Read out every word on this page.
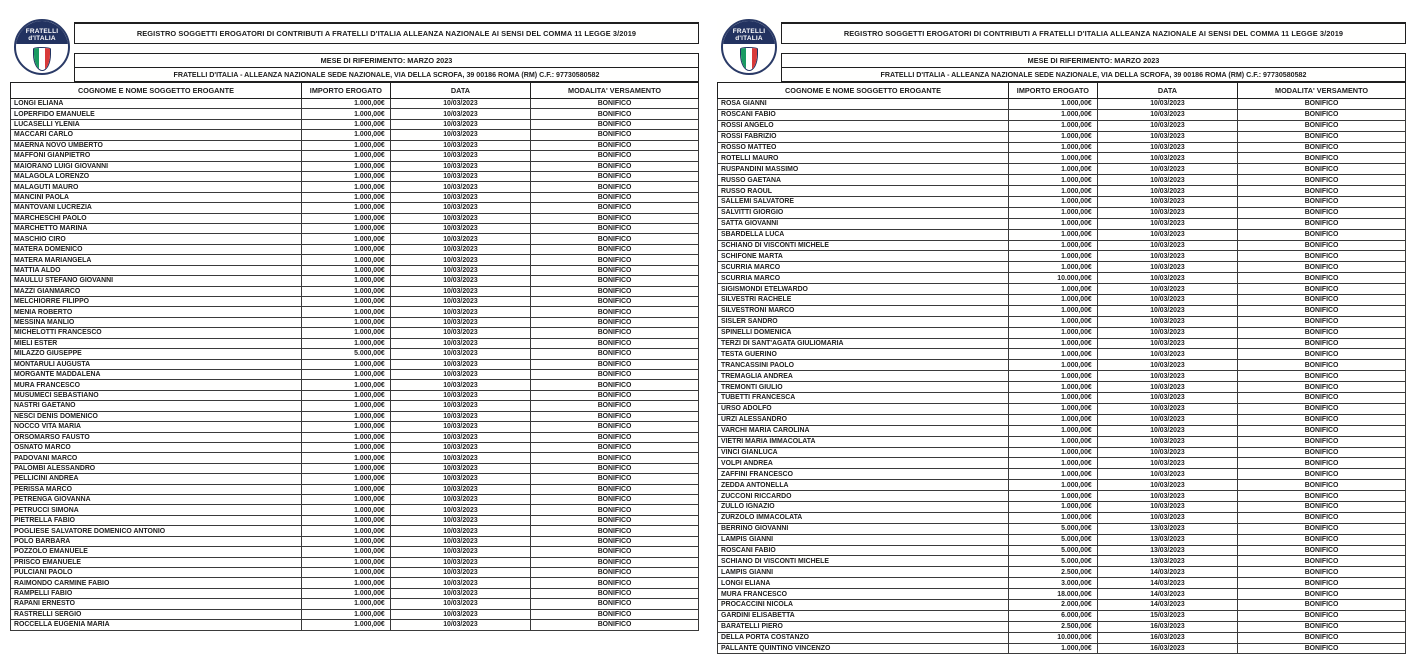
FRATELLI
d'ITALIA
REGISTRO SOGGETTI EROGATORI DI CONTRIBUTI A FRATELLI D'ITALIA ALLEANZA NAZIONALE AI SENSI DEL COMMA 11 LEGGE 3/2019
MESE DI RIFERIMENTO: MARZO 2023
FRATELLI D'ITALIA - ALLEANZA NAZIONALE SEDE NAZIONALE, VIA DELLA SCROFA, 39 00186 ROMA (RM) C.F.: 97730580582
COGNOME E NOME SOGGETTO EROGANTE	IMPORTO EROGATO	DATA	MODALITA' VERSAMENTO
LONGI ELIANA	1.000,00€	10/03/2023	BONIFICO
LOPERFIDO EMANUELE	1.000,00€	10/03/2023	BONIFICO
LUCASELLI YLENIA	1.000,00€	10/03/2023	BONIFICO
MACCARI CARLO	1.000,00€	10/03/2023	BONIFICO
MAERNA NOVO UMBERTO	1.000,00€	10/03/2023	BONIFICO
MAFFONI GIANPIETRO	1.000,00€	10/03/2023	BONIFICO
MAIORANO LUIGI GIOVANNI	1.000,00€	10/03/2023	BONIFICO
MALAGOLA LORENZO	1.000,00€	10/03/2023	BONIFICO
MALAGUTI MAURO	1.000,00€	10/03/2023	BONIFICO
MANCINI PAOLA	1.000,00€	10/03/2023	BONIFICO
MANTOVANI LUCREZIA	1.000,00€	10/03/2023	BONIFICO
MARCHESCHI PAOLO	1.000,00€	10/03/2023	BONIFICO
MARCHETTO MARINA	1.000,00€	10/03/2023	BONIFICO
MASCHIO CIRO	1.000,00€	10/03/2023	BONIFICO
MATERA DOMENICO	1.000,00€	10/03/2023	BONIFICO
MATERA MARIANGELA	1.000,00€	10/03/2023	BONIFICO
MATTIA ALDO	1.000,00€	10/03/2023	BONIFICO
MAULLU STEFANO GIOVANNI	1.000,00€	10/03/2023	BONIFICO
MAZZI GIANMARCO	1.000,00€	10/03/2023	BONIFICO
MELCHIORRE FILIPPO	1.000,00€	10/03/2023	BONIFICO
MENIA ROBERTO	1.000,00€	10/03/2023	BONIFICO
MESSINA MANLIO	1.000,00€	10/03/2023	BONIFICO
MICHELOTTI FRANCESCO	1.000,00€	10/03/2023	BONIFICO
MIELI ESTER	1.000,00€	10/03/2023	BONIFICO
MILAZZO GIUSEPPE	5.000,00€	10/03/2023	BONIFICO
MONTARULI AUGUSTA	1.000,00€	10/03/2023	BONIFICO
MORGANTE MADDALENA	1.000,00€	10/03/2023	BONIFICO
MURA FRANCESCO	1.000,00€	10/03/2023	BONIFICO
MUSUMECI SEBASTIANO	1.000,00€	10/03/2023	BONIFICO
NASTRI GAETANO	1.000,00€	10/03/2023	BONIFICO
NESCI DENIS DOMENICO	1.000,00€	10/03/2023	BONIFICO
NOCCO VITA MARIA	1.000,00€	10/03/2023	BONIFICO
ORSOMARSO FAUSTO	1.000,00€	10/03/2023	BONIFICO
OSNATO MARCO	1.000,00€	10/03/2023	BONIFICO
PADOVANI MARCO	1.000,00€	10/03/2023	BONIFICO
PALOMBI ALESSANDRO	1.000,00€	10/03/2023	BONIFICO
PELLICINI ANDREA	1.000,00€	10/03/2023	BONIFICO
PERISSA MARCO	1.000,00€	10/03/2023	BONIFICO
PETRENGA GIOVANNA	1.000,00€	10/03/2023	BONIFICO
PETRUCCI SIMONA	1.000,00€	10/03/2023	BONIFICO
PIETRELLA FABIO	1.000,00€	10/03/2023	BONIFICO
POGLIESE SALVATORE DOMENICO ANTONIO	1.000,00€	10/03/2023	BONIFICO
POLO BARBARA	1.000,00€	10/03/2023	BONIFICO
POZZOLO EMANUELE	1.000,00€	10/03/2023	BONIFICO
PRISCO EMANUELE	1.000,00€	10/03/2023	BONIFICO
PULCIANI PAOLO	1.000,00€	10/03/2023	BONIFICO
RAIMONDO CARMINE FABIO	1.000,00€	10/03/2023	BONIFICO
RAMPELLI FABIO	1.000,00€	10/03/2023	BONIFICO
RAPANI ERNESTO	1.000,00€	10/03/2023	BONIFICO
RASTRELLI SERGIO	1.000,00€	10/03/2023	BONIFICO
ROCCELLA EUGENIA MARIA	1.000,00€	10/03/2023	BONIFICO
FRATELLI
d'ITALIA
REGISTRO SOGGETTI EROGATORI DI CONTRIBUTI A FRATELLI D'ITALIA ALLEANZA NAZIONALE AI SENSI DEL COMMA 11 LEGGE 3/2019
MESE DI RIFERIMENTO: MARZO 2023
FRATELLI D'ITALIA - ALLEANZA NAZIONALE SEDE NAZIONALE, VIA DELLA SCROFA, 39 00186 ROMA (RM) C.F.: 97730580582
COGNOME E NOME SOGGETTO EROGANTE	IMPORTO EROGATO	DATA	MODALITA' VERSAMENTO
ROSA GIANNI	1.000,00€	10/03/2023	BONIFICO
ROSCANI FABIO	1.000,00€	10/03/2023	BONIFICO
ROSSI ANGELO	1.000,00€	10/03/2023	BONIFICO
ROSSI FABRIZIO	1.000,00€	10/03/2023	BONIFICO
ROSSO MATTEO	1.000,00€	10/03/2023	BONIFICO
ROTELLI MAURO	1.000,00€	10/03/2023	BONIFICO
RUSPANDINI MASSIMO	1.000,00€	10/03/2023	BONIFICO
RUSSO GAETANA	1.000,00€	10/03/2023	BONIFICO
RUSSO RAOUL	1.000,00€	10/03/2023	BONIFICO
SALLEMI SALVATORE	1.000,00€	10/03/2023	BONIFICO
SALVITTI GIORGIO	1.000,00€	10/03/2023	BONIFICO
SATTA GIOVANNI	1.000,00€	10/03/2023	BONIFICO
SBARDELLA LUCA	1.000,00€	10/03/2023	BONIFICO
SCHIANO DI VISCONTI MICHELE	1.000,00€	10/03/2023	BONIFICO
SCHIFONE MARTA	1.000,00€	10/03/2023	BONIFICO
SCURRIA MARCO	1.000,00€	10/03/2023	BONIFICO
SCURRIA MARCO	10.000,00€	10/03/2023	BONIFICO
SIGISMONDI ETELWARDO	1.000,00€	10/03/2023	BONIFICO
SILVESTRI RACHELE	1.000,00€	10/03/2023	BONIFICO
SILVESTRONI MARCO	1.000,00€	10/03/2023	BONIFICO
SISLER SANDRO	1.000,00€	10/03/2023	BONIFICO
SPINELLI DOMENICA	1.000,00€	10/03/2023	BONIFICO
TERZI DI SANT'AGATA GIULIOMARIA	1.000,00€	10/03/2023	BONIFICO
TESTA GUERINO	1.000,00€	10/03/2023	BONIFICO
TRANCASSINI PAOLO	1.000,00€	10/03/2023	BONIFICO
TREMAGLIA ANDREA	1.000,00€	10/03/2023	BONIFICO
TREMONTI GIULIO	1.000,00€	10/03/2023	BONIFICO
TUBETTI FRANCESCA	1.000,00€	10/03/2023	BONIFICO
URSO ADOLFO	1.000,00€	10/03/2023	BONIFICO
URZI ALESSANDRO	1.000,00€	10/03/2023	BONIFICO
VARCHI MARIA CAROLINA	1.000,00€	10/03/2023	BONIFICO
VIETRI MARIA IMMACOLATA	1.000,00€	10/03/2023	BONIFICO
VINCI GIANLUCA	1.000,00€	10/03/2023	BONIFICO
VOLPI ANDREA	1.000,00€	10/03/2023	BONIFICO
ZAFFINI FRANCESCO	1.000,00€	10/03/2023	BONIFICO
ZEDDA ANTONELLA	1.000,00€	10/03/2023	BONIFICO
ZUCCONI RICCARDO	1.000,00€	10/03/2023	BONIFICO
ZULLO IGNAZIO	1.000,00€	10/03/2023	BONIFICO
ZURZOLO IMMACOLATA	1.000,00€	10/03/2023	BONIFICO
BERRINO GIOVANNI	5.000,00€	13/03/2023	BONIFICO
LAMPIS GIANNI	5.000,00€	13/03/2023	BONIFICO
ROSCANI FABIO	5.000,00€	13/03/2023	BONIFICO
SCHIANO DI VISCONTI MICHELE	5.000,00€	13/03/2023	BONIFICO
LAMPIS GIANNI	2.500,00€	14/03/2023	BONIFICO
LONGI ELIANA	3.000,00€	14/03/2023	BONIFICO
MURA FRANCESCO	18.000,00€	14/03/2023	BONIFICO
PROCACCINI NICOLA	2.000,00€	14/03/2023	BONIFICO
GARDINI ELISABETTA	6.000,00€	15/03/2023	BONIFICO
BARATELLI PIERO	2.500,00€	16/03/2023	BONIFICO
DELLA PORTA COSTANZO	10.000,00€	16/03/2023	BONIFICO
PALLANTE QUINTINO VINCENZO	1.000,00€	16/03/2023	BONIFICO
